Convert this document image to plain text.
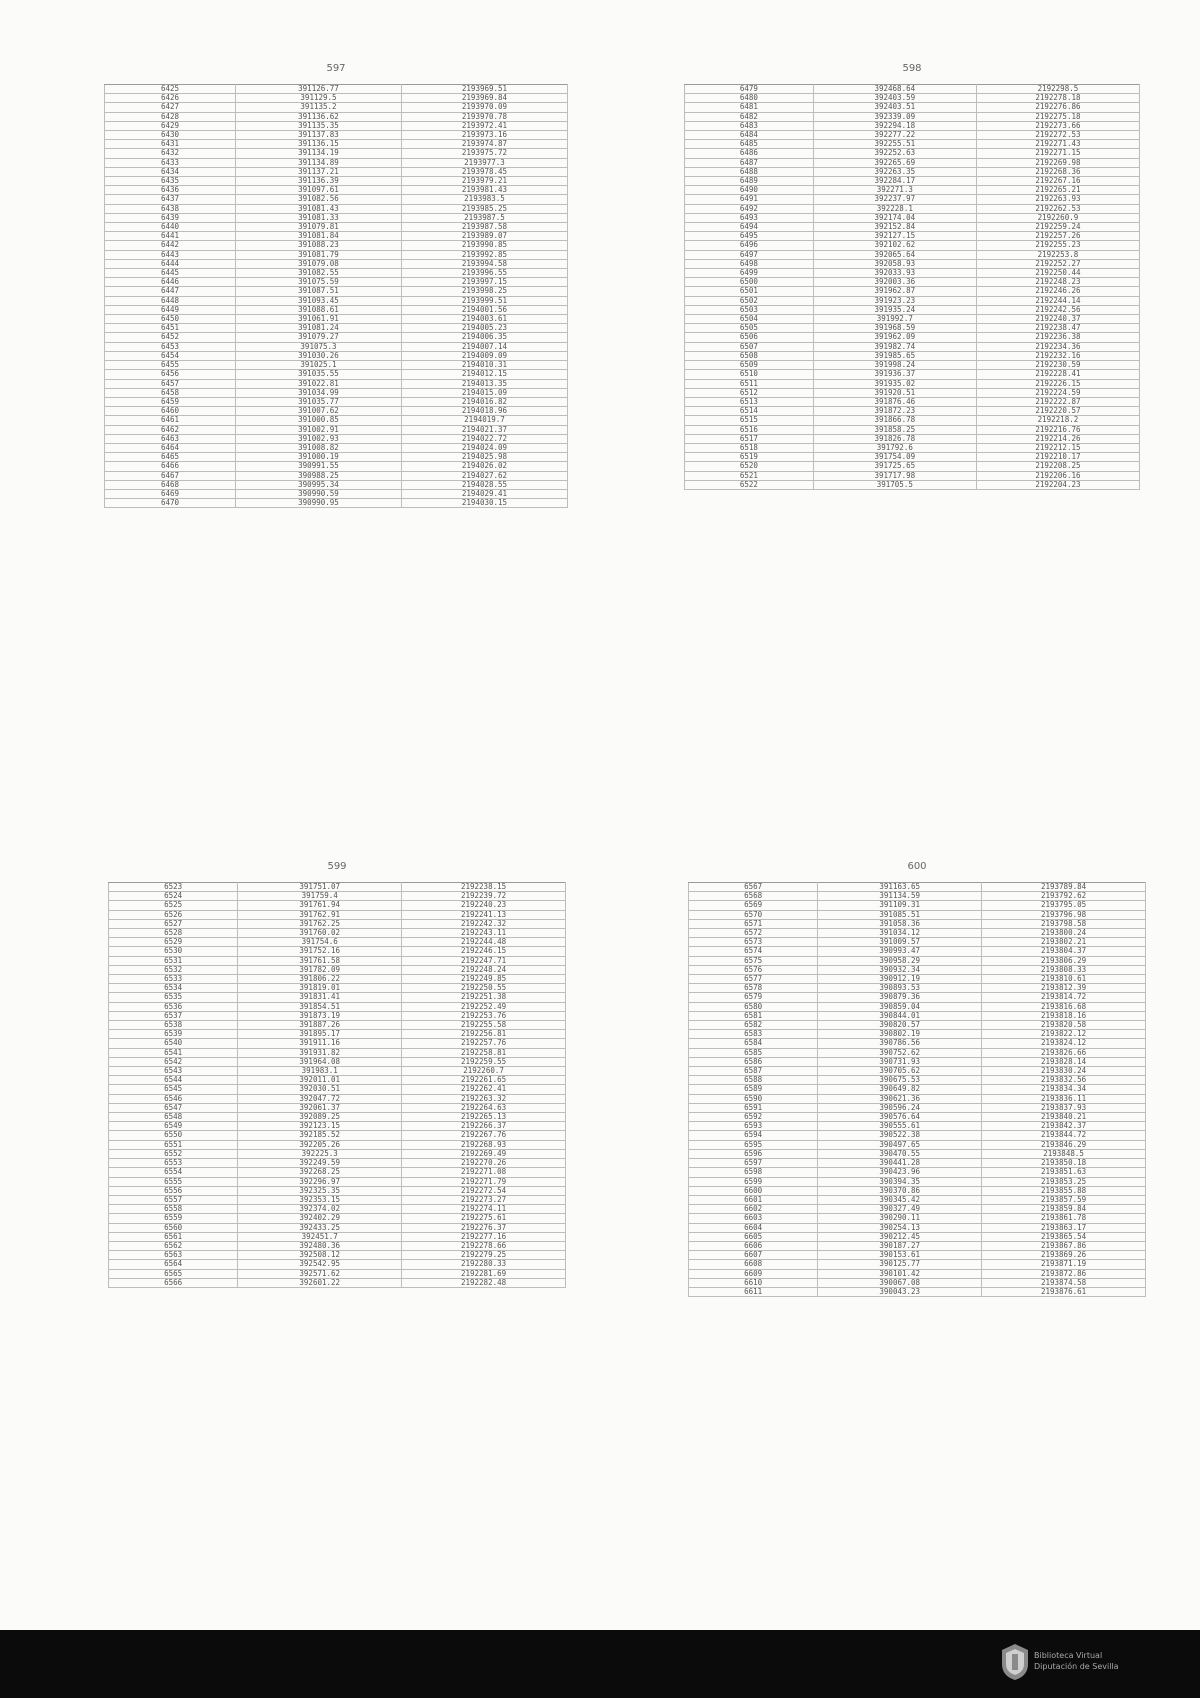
597
6425	391126.77	2193969.51
6426	391129.5	2193969.84
6427	391135.2	2193970.09
6428	391136.62	2193970.78
6429	391135.35	2193972.41
6430	391137.83	2193973.16
6431	391136.15	2193974.87
6432	391134.19	2193975.72
6433	391134.89	2193977.3
6434	391137.21	2193978.45
6435	391136.39	2193979.21
6436	391097.61	2193981.43
6437	391082.56	2193983.5
6438	391081.43	2193985.25
6439	391081.33	2193987.5
6440	391079.81	2193987.58
6441	391081.84	2193989.07
6442	391088.23	2193990.85
6443	391081.79	2193992.85
6444	391079.08	2193994.58
6445	391082.55	2193996.55
6446	391075.59	2193997.15
6447	391087.51	2193998.25
6448	391093.45	2193999.51
6449	391088.61	2194001.56
6450	391061.91	2194003.61
6451	391081.24	2194005.23
6452	391079.27	2194006.35
6453	391075.3	2194007.14
6454	391030.26	2194009.09
6455	391025.1	2194010.31
6456	391035.55	2194012.15
6457	391022.81	2194013.35
6458	391034.99	2194015.09
6459	391035.77	2194016.82
6460	391007.62	2194018.96
6461	391000.85	2194019.7
6462	391002.91	2194021.37
6463	391002.93	2194022.72
6464	391008.82	2194024.09
6465	391000.19	2194025.98
6466	390991.55	2194026.02
6467	390988.25	2194027.62
6468	390995.34	2194028.55
6469	390990.59	2194029.41
6470	390990.95	2194030.15
598
6479	392468.64	2192298.5
6480	392403.59	2192278.18
6481	392403.51	2192276.86
6482	392339.09	2192275.18
6483	392294.18	2192273.66
6484	392277.22	2192272.53
6485	392255.51	2192271.43
6486	392252.63	2192271.15
6487	392265.69	2192269.98
6488	392263.35	2192268.36
6489	392284.17	2192267.16
6490	392271.3	2192265.21
6491	392237.97	2192263.93
6492	392228.1	2192262.53
6493	392174.04	2192260.9
6494	392152.84	2192259.24
6495	392127.15	2192257.26
6496	392102.62	2192255.23
6497	392065.64	2192253.8
6498	392058.93	2192252.27
6499	392033.93	2192250.44
6500	392003.36	2192248.23
6501	391962.87	2192246.26
6502	391923.23	2192244.14
6503	391935.24	2192242.56
6504	391992.7	2192240.37
6505	391968.59	2192238.47
6506	391962.09	2192236.38
6507	391982.74	2192234.36
6508	391985.65	2192232.16
6509	391998.24	2192230.59
6510	391936.37	2192228.41
6511	391935.02	2192226.15
6512	391920.51	2192224.59
6513	391876.46	2192222.87
6514	391872.23	2192220.57
6515	391866.78	2192218.2
6516	391858.25	2192216.76
6517	391826.78	2192214.26
6518	391792.6	2192212.15
6519	391754.09	2192210.17
6520	391725.65	2192208.25
6521	391717.98	2192206.16
6522	391705.5	2192204.23
599
6523	391751.07	2192238.15
6524	391759.4	2192239.72
6525	391761.94	2192240.23
6526	391762.91	2192241.13
6527	391762.25	2192242.32
6528	391760.02	2192243.11
6529	391754.6	2192244.48
6530	391752.16	2192246.15
6531	391761.58	2192247.71
6532	391782.09	2192248.24
6533	391806.22	2192249.85
6534	391819.01	2192250.55
6535	391831.41	2192251.38
6536	391854.51	2192252.49
6537	391873.19	2192253.76
6538	391887.26	2192255.58
6539	391895.17	2192256.81
6540	391911.16	2192257.76
6541	391931.82	2192258.81
6542	391964.08	2192259.55
6543	391983.1	2192260.7
6544	392011.01	2192261.65
6545	392030.51	2192262.41
6546	392047.72	2192263.32
6547	392061.37	2192264.63
6548	392089.25	2192265.13
6549	392123.15	2192266.37
6550	392185.52	2192267.76
6551	392205.26	2192268.93
6552	392225.3	2192269.49
6553	392249.59	2192270.26
6554	392268.25	2192271.08
6555	392296.97	2192271.79
6556	392325.35	2192272.54
6557	392353.15	2192273.27
6558	392374.02	2192274.11
6559	392402.29	2192275.61
6560	392433.25	2192276.37
6561	392451.7	2192277.16
6562	392480.36	2192278.66
6563	392508.12	2192279.25
6564	392542.95	2192280.33
6565	392571.62	2192281.69
6566	392601.22	2192282.48
600
6567	391163.65	2193789.84
6568	391134.59	2193792.62
6569	391109.31	2193795.05
6570	391085.51	2193796.98
6571	391058.36	2193798.58
6572	391034.12	2193800.24
6573	391009.57	2193802.21
6574	390993.47	2193804.37
6575	390958.29	2193806.29
6576	390932.34	2193808.33
6577	390912.19	2193810.61
6578	390893.53	2193812.39
6579	390879.36	2193814.72
6580	390859.04	2193816.68
6581	390844.01	2193818.16
6582	390820.57	2193820.58
6583	390802.19	2193822.12
6584	390786.56	2193824.12
6585	390752.62	2193826.66
6586	390731.93	2193828.14
6587	390705.62	2193830.24
6588	390675.53	2193832.56
6589	390649.82	2193834.34
6590	390621.36	2193836.11
6591	390596.24	2193837.93
6592	390576.64	2193840.21
6593	390555.61	2193842.37
6594	390522.38	2193844.72
6595	390497.65	2193846.29
6596	390470.55	2193848.5
6597	390441.28	2193850.18
6598	390423.96	2193851.63
6599	390394.35	2193853.25
6600	390370.86	2193855.88
6601	390345.42	2193857.59
6602	390327.49	2193859.84
6603	390290.11	2193861.78
6604	390254.13	2193863.17
6605	390212.45	2193865.54
6606	390187.27	2193867.86
6607	390153.61	2193869.26
6608	390125.77	2193871.19
6609	390101.42	2193872.86
6610	390067.08	2193874.58
6611	390043.23	2193876.61
Biblioteca Virtual
Diputación de Sevilla
